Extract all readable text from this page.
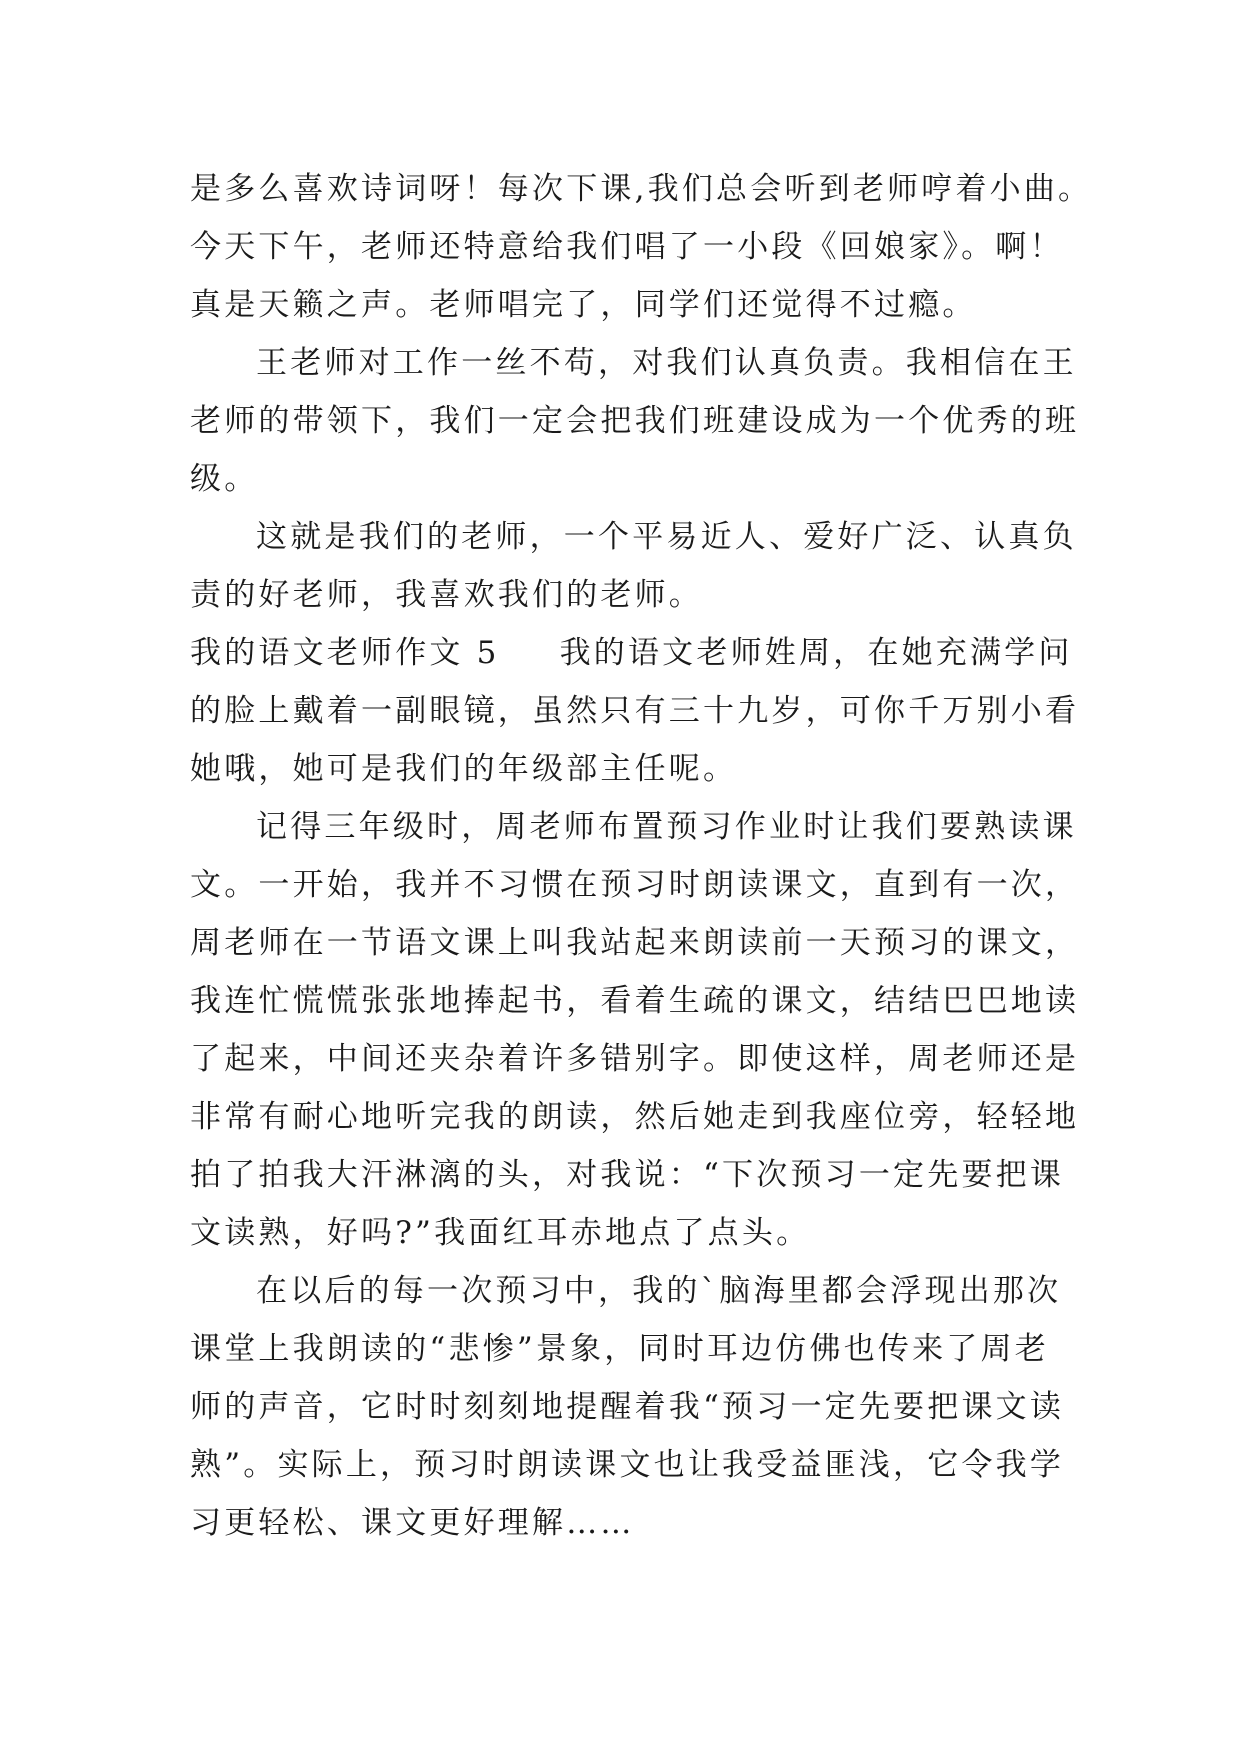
是多么喜欢诗词呀！每次下课,我们总会听到老师哼着小曲。
今天下午，老师还特意给我们唱了一小段《回娘家》。啊！
真是天籁之声。老师唱完了，同学们还觉得不过瘾。
王老师对工作一丝不苟，对我们认真负责。我相信在王
老师的带领下，我们一定会把我们班建设成为一个优秀的班
级。
这就是我们的老师，一个平易近人、爱好广泛、认真负
责的好老师，我喜欢我们的老师。
我的语文老师作文 5 我的语文老师姓周，在她充满学问
的脸上戴着一副眼镜，虽然只有三十九岁，可你千万别小看
她哦，她可是我们的年级部主任呢。
记得三年级时，周老师布置预习作业时让我们要熟读课
文。一开始，我并不习惯在预习时朗读课文，直到有一次，
周老师在一节语文课上叫我站起来朗读前一天预习的课文，
我连忙慌慌张张地捧起书，看着生疏的课文，结结巴巴地读
了起来，中间还夹杂着许多错别字。即使这样，周老师还是
非常有耐心地听完我的朗读，然后她走到我座位旁，轻轻地
拍了拍我大汗淋漓的头，对我说：“下次预习一定先要把课
文读熟，好吗?”我面红耳赤地点了点头。
在以后的每一次预习中，我的`脑海里都会浮现出那次
课堂上我朗读的“悲惨”景象，同时耳边仿佛也传来了周老
师的声音，它时时刻刻地提醒着我“预习一定先要把课文读
熟”。实际上，预习时朗读课文也让我受益匪浅，它令我学
习更轻松、课文更好理解……
